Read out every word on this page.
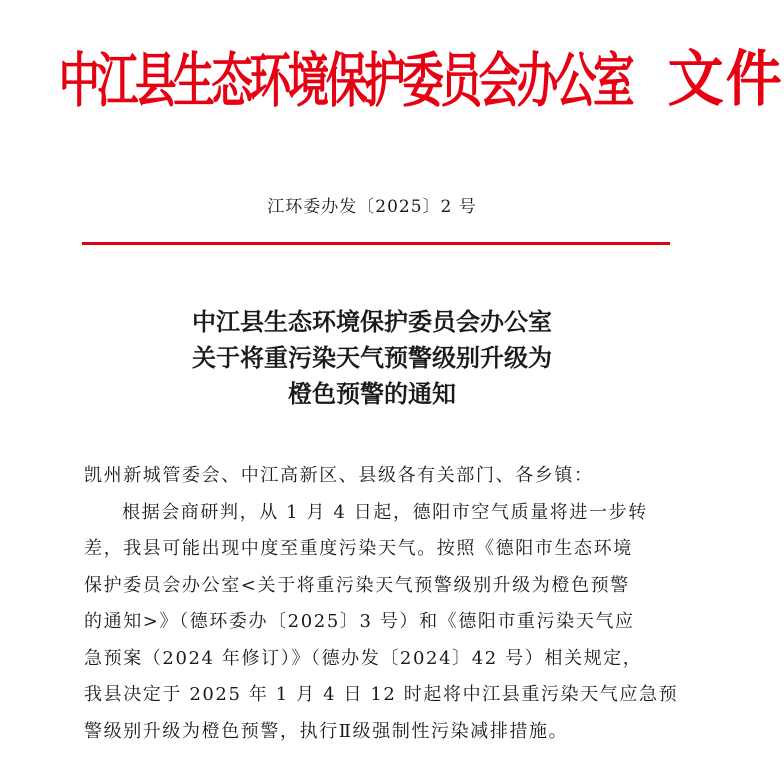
中江县生态环境保护委员会办公室 文件
江环委办发〔2025〕2 号
中江县生态环境保护委员会办公室
关于将重污染天气预警级别升级为
橙色预警的通知

凯州新城管委会、中江高新区、县级各有关部门、各乡镇：

根据会商研判，从 1 月 4 日起，德阳市空气质量将进一步转

差，我县可能出现中度至重度污染天气。按照《德阳市生态环境

保护委员会办公室<关于将重污染天气预警级别升级为橙色预警

的通知>》（德环委办〔2025〕3 号）和《德阳市重污染天气应

急预案（2024 年修订）》（德办发〔2024〕42 号）相关规定，

我县决定于 2025 年 1 月 4 日 12 时起将中江县重污染天气应急预

警级别升级为橙色预警，执行Ⅱ级强制性污染减排措施。
